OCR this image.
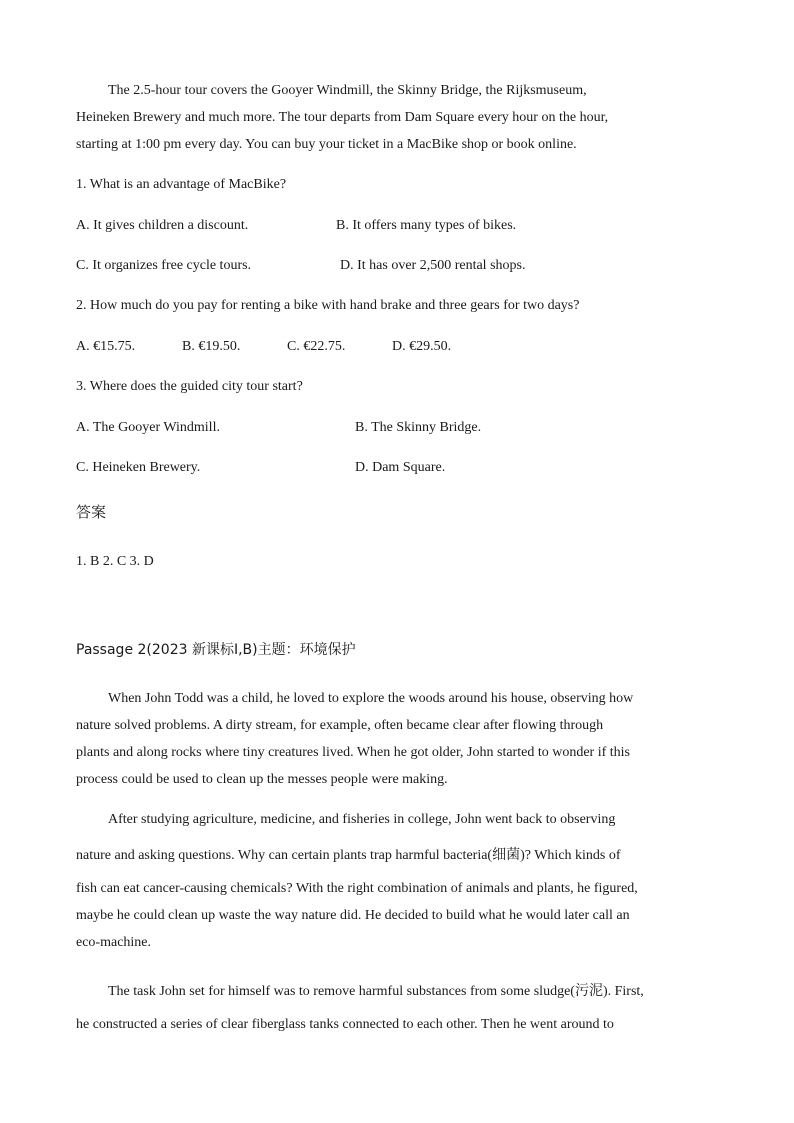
The 2.5-hour tour covers the Gooyer Windmill, the Skinny Bridge, the Rijksmuseum,
Heineken Brewery and much more. The tour departs from Dam Square every hour on the hour,
starting at 1:00 pm every day. You can buy your ticket in a MacBike shop or book online.
1. What is an advantage of MacBike?
A. It gives children a discount.	B. It offers many types of bikes.
C. It organizes free cycle tours.	D. It has over 2,500 rental shops.
2. How much do you pay for renting a bike with hand brake and three gears for two days?
A. €15.75.	B. €19.50.	C. €22.75.	D. €29.50.
3. Where does the guided city tour start?
A. The Gooyer Windmill.	B. The Skinny Bridge.
C. Heineken Brewery.	D. Dam Square.
答案
1. B 2. C 3. D
Passage 2(2023 新课标Ⅰ,B)主题：环境保护
When John Todd was a child, he loved to explore the woods around his house, observing how
nature solved problems. A dirty stream, for example, often became clear after flowing through
plants and along rocks where tiny creatures lived. When he got older, John started to wonder if this
process could be used to clean up the messes people were making.
After studying agriculture, medicine, and fisheries in college, John went back to observing
nature and asking questions. Why can certain plants trap harmful bacteria(细菌)? Which kinds of
fish can eat cancer-causing chemicals? With the right combination of animals and plants, he figured,
maybe he could clean up waste the way nature did. He decided to build what he would later call an
eco-machine.
The task John set for himself was to remove harmful substances from some sludge(污泥). First,
he constructed a series of clear fiberglass tanks connected to each other. Then he went around to
